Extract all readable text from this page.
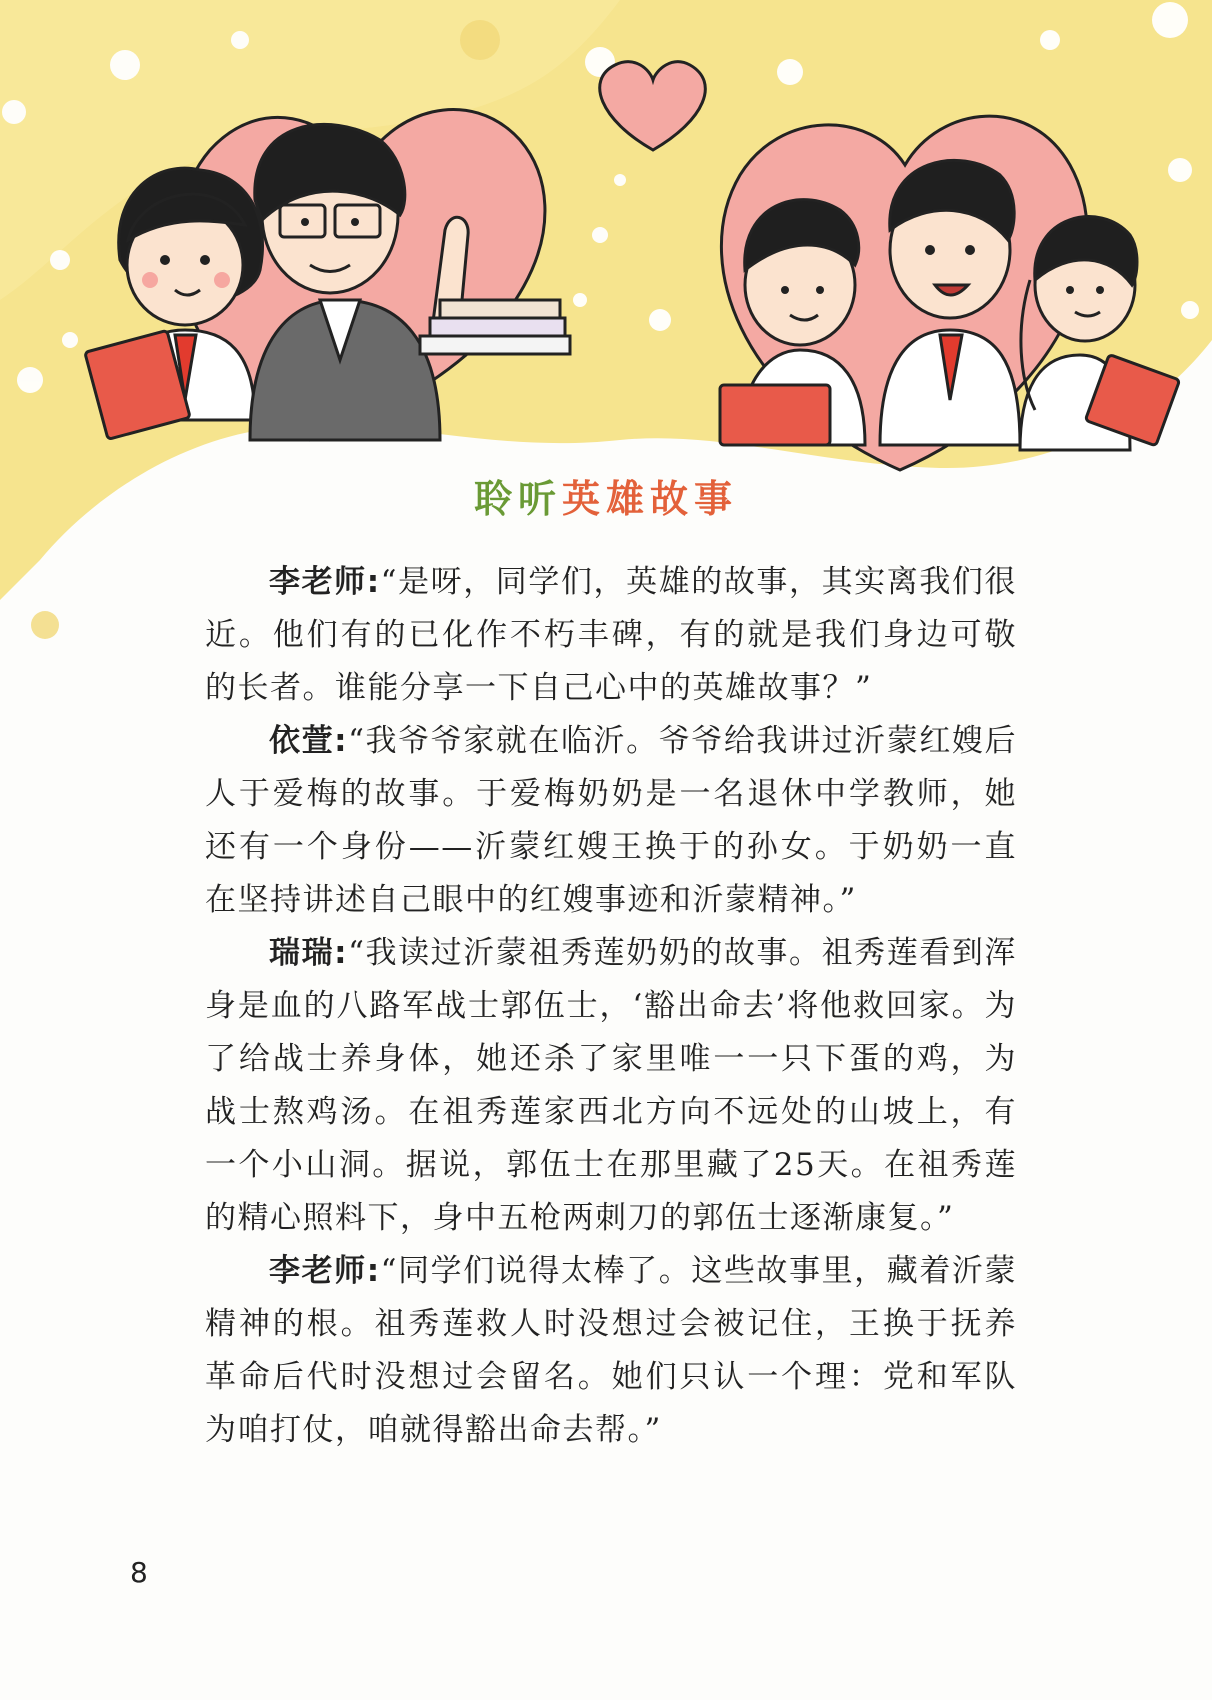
聆听英雄故事

李老师:“是呀，同学们，英雄的故事，其实离我们很近。他们有的已化作不朽丰碑，有的就是我们身边可敬的长者。谁能分享一下自己心中的英雄故事？”

依萱:“我爷爷家就在临沂。爷爷给我讲过沂蒙红嫂后人于爱梅的故事。于爱梅奶奶是一名退休中学教师，她还有一个身份——沂蒙红嫂王换于的孙女。于奶奶一直在坚持讲述自己眼中的红嫂事迹和沂蒙精神。”

瑞瑞:“我读过沂蒙祖秀莲奶奶的故事。祖秀莲看到浑身是血的八路军战士郭伍士，‘豁出命去’将他救回家。为了给战士养身体，她还杀了家里唯一一只下蛋的鸡，为战士熬鸡汤。在祖秀莲家西北方向不远处的山坡上，有一个小山洞。据说，郭伍士在那里藏了25天。在祖秀莲的精心照料下，身中五枪两刺刀的郭伍士逐渐康复。”

李老师:“同学们说得太棒了。这些故事里，藏着沂蒙精神的根。祖秀莲救人时没想过会被记住，王换于抚养革命后代时没想过会留名。她们只认一个理：党和军队为咱打仗，咱就得豁出命去帮。”

8
